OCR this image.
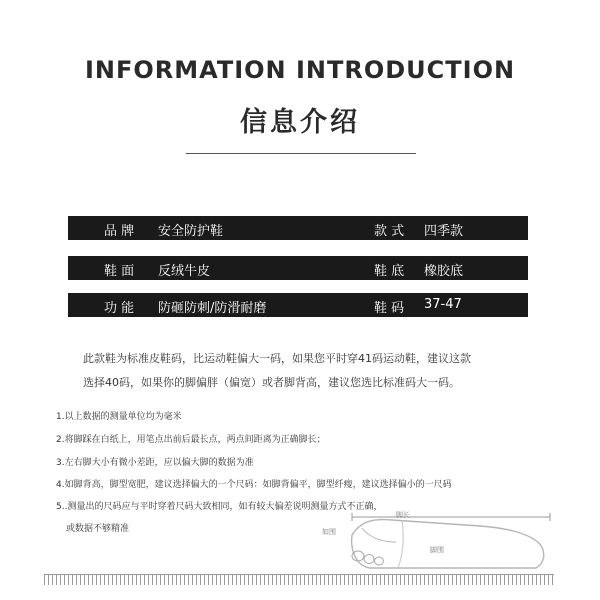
INFORMATION INTRODUCTION
信息介绍
品 牌 安全防护鞋	款 式 四季款
鞋 面 反绒牛皮	鞋 底 橡胶底
功 能 防砸防刺/防滑耐磨	鞋 码 37-47
此款鞋为标准皮鞋码，比运动鞋偏大一码，如果您平时穿41码运动鞋，建议这款
选择40码，如果你的脚偏胖（偏宽）或者脚背高，建议您选比标准码大一码。
1.以上数据的测量单位均为毫米
2.将脚踩在白纸上，用笔点出前后最长点，两点间距离为正确脚长；
3.左右脚大小有微小差距，应以偏大脚的数据为准
4.如脚背高，脚型宽肥，建议选择偏大的一个尺码：如脚背偏平，脚型纤瘦，建议选择偏小的一尺码
5..测量出的尺码应与平时穿着尺码大致相同，如有较大偏差说明测量方式不正确，
或数据不够精准
脚长
如围
脚围
